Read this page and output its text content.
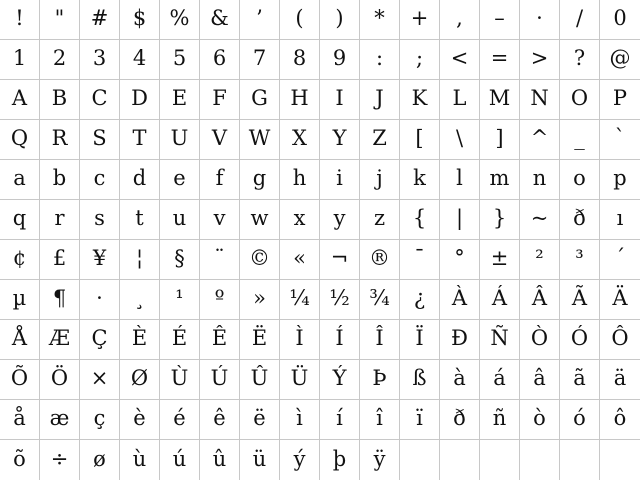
! " # $ % & ’ ( ) * + , – · / 0
1 2 3 4 5 6 7 8 9 : ; < = > ? @
A B C D E F G H I J K L M N O P
Q R S T U V W X Y Z [ \ ] ^ _ `
a b c d e f g h i j k l m n o p
q r s t u v w x y z { | } ~ ð ı
¢ £ ¥ ¦ § ¨ © « ¬ ® ¯ ° ± ² ³ ´
µ ¶ · ¸ ¹ º » ¼ ½ ¾ ¿ À Á Â Ã Ä
Å Æ Ç È É Ê Ë Ì Í Î Ï Ð Ñ Ò Ó Ô
Õ Ö × Ø Ù Ú Û Ü Ý Þ ß à á â ã ä
å æ ç è é ê ë ì í î ï ð ñ ò ó ô
õ ÷ ø ù ú û ü ý þ ÿ
